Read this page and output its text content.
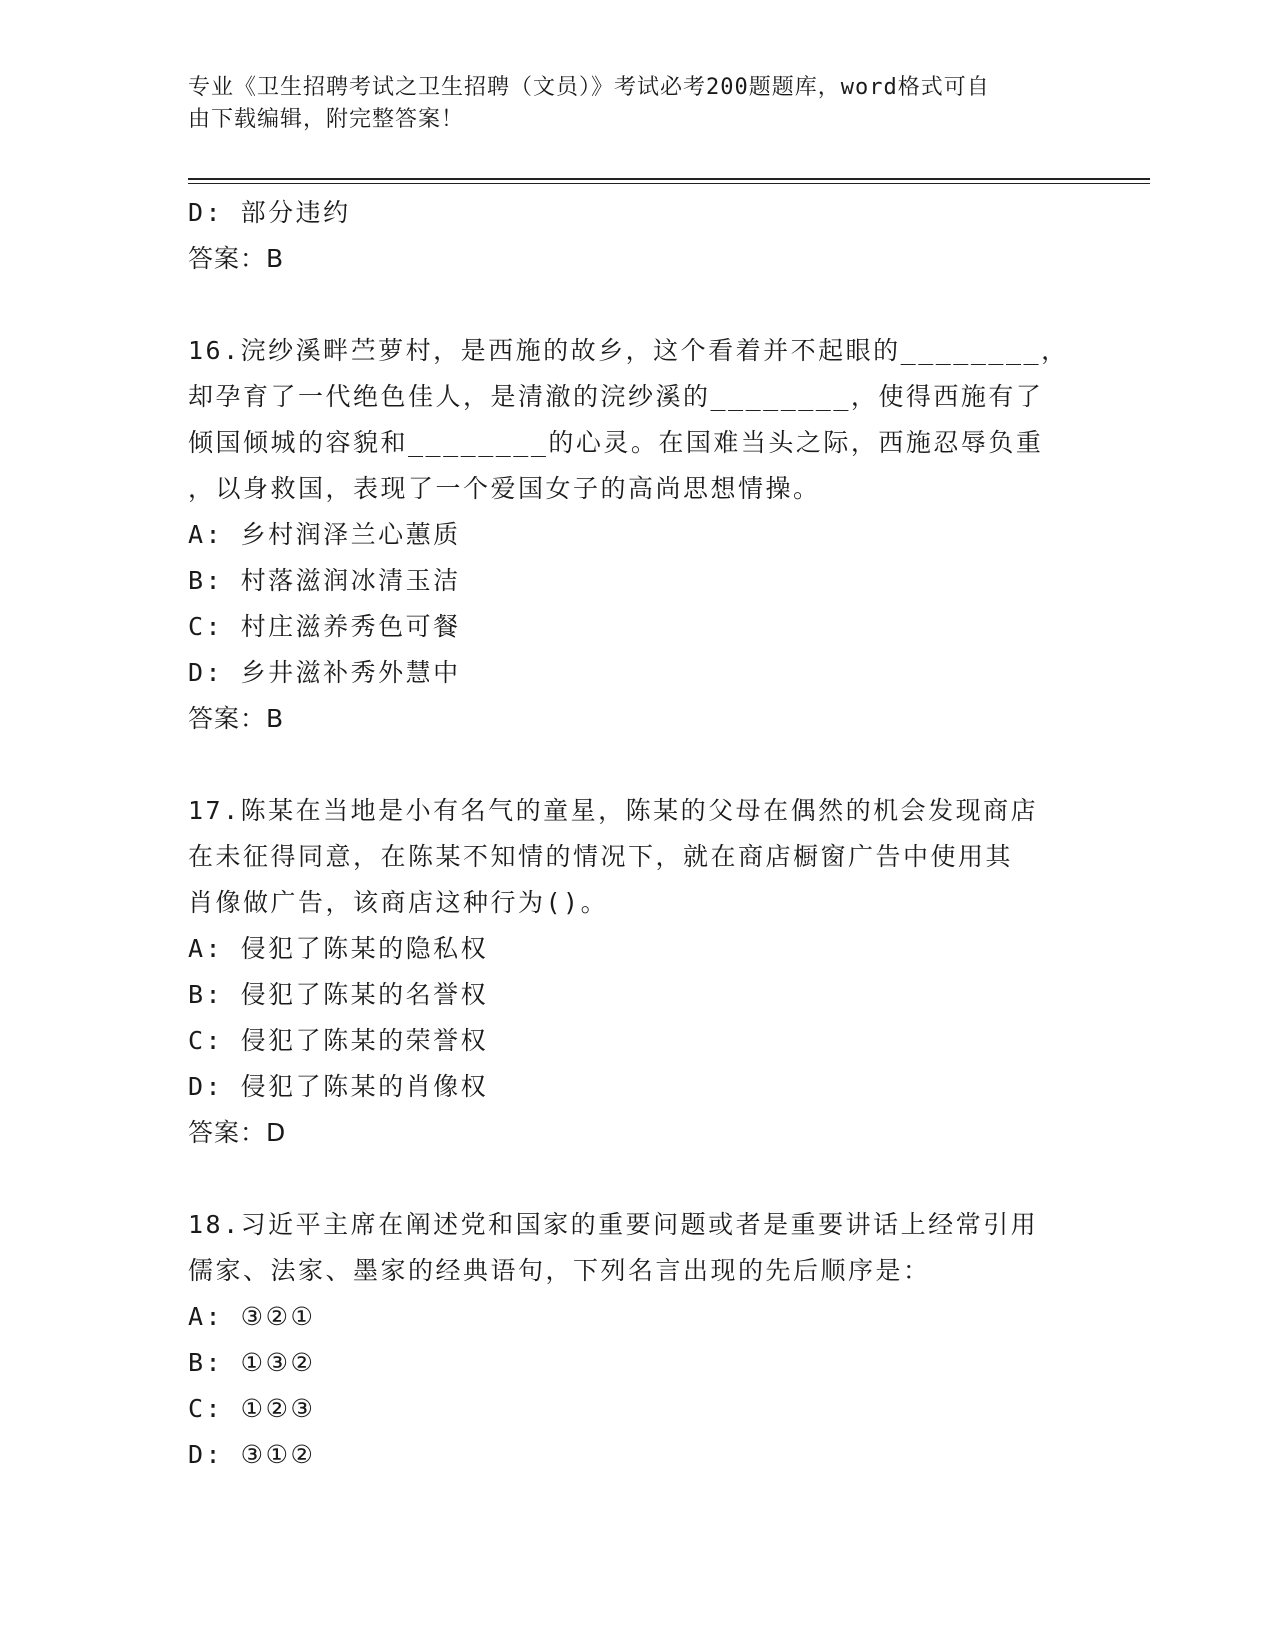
专业《卫生招聘考试之卫生招聘（文员）》考试必考200题题库，word格式可自
由下载编辑，附完整答案！
D: 部分违约
答案：B
16.浣纱溪畔苎萝村，是西施的故乡，这个看着并不起眼的________，
却孕育了一代绝色佳人，是清澈的浣纱溪的________，使得西施有了
倾国倾城的容貌和________的心灵。在国难当头之际，西施忍辱负重
，以身救国，表现了一个爱国女子的高尚思想情操。
A: 乡村润泽兰心蕙质
B: 村落滋润冰清玉洁
C: 村庄滋养秀色可餐
D: 乡井滋补秀外慧中
答案：B
17.陈某在当地是小有名气的童星，陈某的父母在偶然的机会发现商店
在未征得同意，在陈某不知情的情况下，就在商店橱窗广告中使用其
肖像做广告，该商店这种行为()。
A: 侵犯了陈某的隐私权
B: 侵犯了陈某的名誉权
C: 侵犯了陈某的荣誉权
D: 侵犯了陈某的肖像权
答案：D
18.习近平主席在阐述党和国家的重要问题或者是重要讲话上经常引用
儒家、法家、墨家的经典语句，下列名言出现的先后顺序是：
A: ③②①
B: ①③②
C: ①②③
D: ③①②
